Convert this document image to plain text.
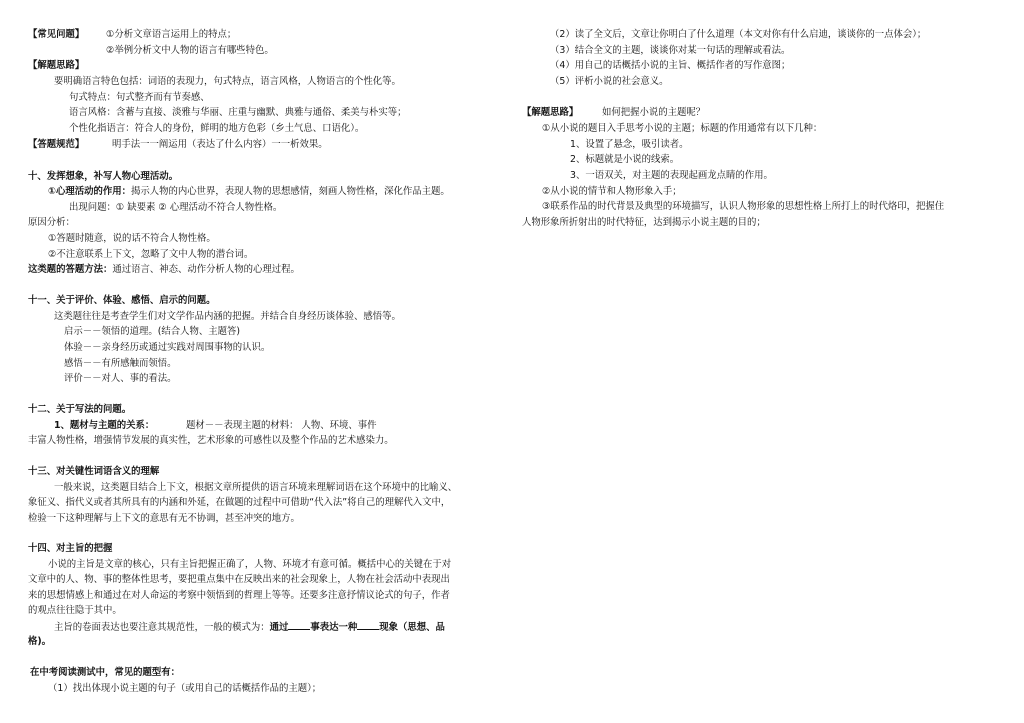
【常见问题】 ①分析文章语言运用上的特点；
②举例分析文中人物的语言有哪些特色。
【解题思路】
要明确语言特色包括：词语的表现力，句式特点，语言风格，人物语言的个性化等。
句式特点：句式整齐而有节奏感、
语言风格：含蓄与直接、淡雅与华丽、庄重与幽默、典雅与通俗、柔美与朴实等；
个性化指语言：符合人的身份，鲜明的地方色彩（乡土气息、口语化）。
【答题规范】	明手法一一阐运用（表达了什么内容）一一析效果。
十、发挥想象，补写人物心理活动。
①心理活动的作用：揭示人物的内心世界，表现人物的思想感情，刻画人物性格，深化作品主题。
出现问题：① 缺要素 ② 心理活动不符合人物性格。
原因分析：
①答题时随意，说的话不符合人物性格。
②不注意联系上下文，忽略了文中人物的潜台词。
这类题的答题方法：通过语言、神态、动作分析人物的心理过程。
十一、关于评价、体验、感悟、启示的问题。
这类题往往是考查学生们对文学作品内涵的把握。并结合自身经历谈体验、感悟等。
启示－－领悟的道理。(结合人物、主题答)
体验－－亲身经历或通过实践对周围事物的认识。
感悟－－有所感触而领悟。
评价－－对人、事的看法。
十二、关于写法的问题。
1、题材与主题的关系：	题材－－表现主题的材料： 人物、环境、事件
丰富人物性格，增强情节发展的真实性，艺术形象的可感性以及整个作品的艺术感染力。
十三、对关键性词语含义的理解
一般来说，这类题目结合上下文，根据文章所提供的语言环境来理解词语在这个环境中的比喻义、
象征义、指代义或者其所具有的内涵和外延，在做题的过程中可借助“代入法”将自己的理解代入文中，
检验一下这种理解与上下文的意思有无不协调，甚至冲突的地方。
十四、对主旨的把握
小说的主旨是文章的核心，只有主旨把握正确了，人物、环境才有意可循。概括中心的关键在于对
文章中的人、物、事的整体性思考，要把重点集中在反映出来的社会现象上，人物在社会活动中表现出
来的思想情感上和通过在对人命运的考察中领悟到的哲理上等等。还要多注意抒情议论式的句子，作者
的观点往往隐于其中。
主旨的卷面表达也要注意其规范性，一般的模式为：通过 事表达一种 现象（思想、品
格)。
在中考阅读测试中，常见的题型有：
（1）找出体现小说主题的句子（或用自己的话概括作品的主题）；
（2）读了全文后，文章让你明白了什么道理（本文对你有什么启迪，谈谈你的一点体会）；
（3）结合全文的主题，谈谈你对某一句话的理解或看法。
（4）用自己的话概括小说的主旨、概括作者的写作意图；
（5）评析小说的社会意义。
【解题思路】	如何把握小说的主题呢？
①从小说的题目入手思考小说的主题；标题的作用通常有以下几种：
1、设置了悬念，吸引读者。
2、标题就是小说的线索。
3、一语双关，对主题的表现起画龙点睛的作用。
②从小说的情节和人物形象入手；
③联系作品的时代背景及典型的环境描写，认识人物形象的思想性格上所打上的时代烙印，把握住
人物形象所折射出的时代特征，达到揭示小说主题的目的；
